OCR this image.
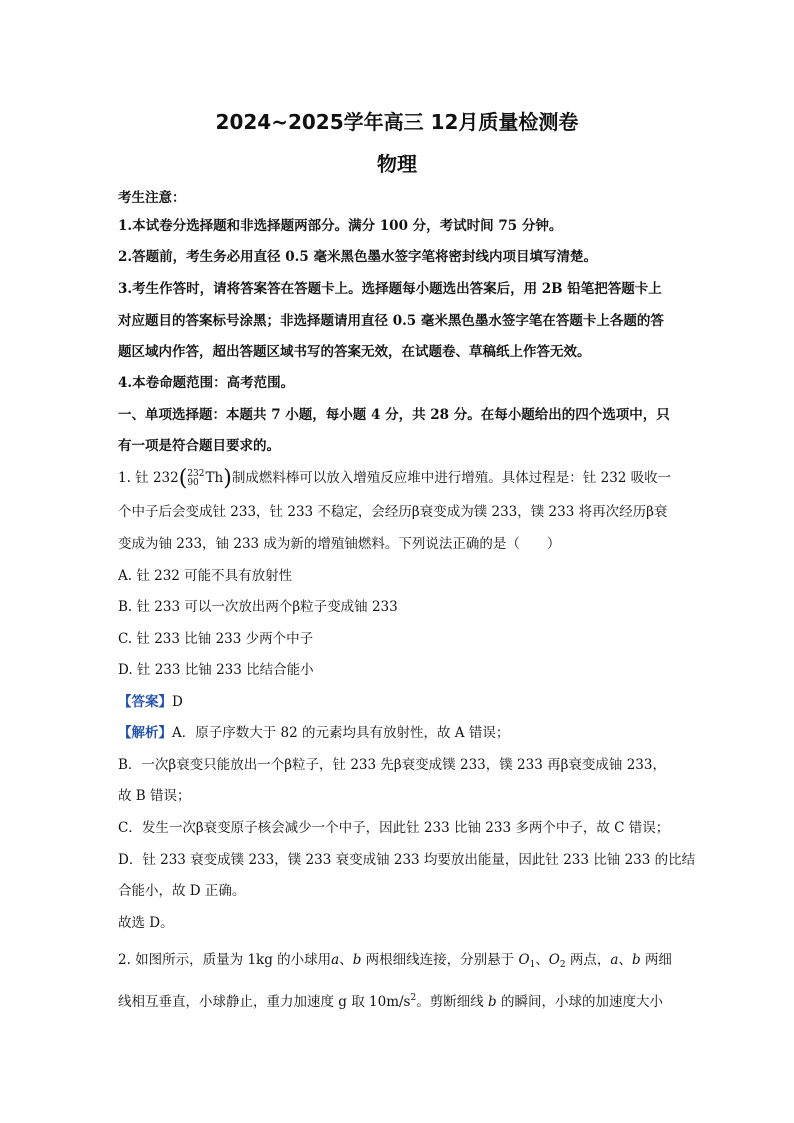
2024~2025学年高三 12月质量检测卷
物理
考生注意：
1.本试卷分选择题和非选择题两部分。满分 100 分，考试时间 75 分钟。
2.答题前，考生务必用直径 0.5 毫米黑色墨水签字笔将密封线内项目填写清楚。
3.考生作答时，请将答案答在答题卡上。选择题每小题选出答案后，用 2B 铅笔把答题卡上
对应题目的答案标号涂黑；非选择题请用直径 0.5 毫米黑色墨水签字笔在答题卡上各题的答
题区域内作答，超出答题区域书写的答案无效，在试题卷、草稿纸上作答无效。
4.本卷命题范围：高考范围。
一、单项选择题：本题共 7 小题，每小题 4 分，共 28 分。在每小题给出的四个选项中，只
有一项是符合题目要求的。
1. 钍 232( 232
90 Th)制成燃料棒可以放入增殖反应堆中进行增殖。具体过程是：钍 232 吸收一
个中子后会变成钍 233，钍 233 不稳定，会经历β衰变成为镤 233，镤 233 将再次经历β衰
变成为铀 233，铀 233 成为新的增殖铀燃料。下列说法正确的是（　　）
A. 钍 232 可能不具有放射性
B. 钍 233 可以一次放出两个β粒子变成铀 233
C. 钍 233 比铀 233 少两个中子
D. 钍 233 比铀 233 比结合能小
【答案】D
【解析】A．原子序数大于 82 的元素均具有放射性，故 A 错误；
B．一次β衰变只能放出一个β粒子，钍 233 先β衰变成镤 233，镤 233 再β衰变成铀 233，
故 B 错误；
C．发生一次β衰变原子核会减少一个中子，因此钍 233 比铀 233 多两个中子，故 C 错误；
D．钍 233 衰变成镤 233，镤 233 衰变成铀 233 均要放出能量，因此钍 233 比铀 233 的比结
合能小，故 D 正确。
故选 D。
2. 如图所示，质量为 1kg 的小球用a、b 两根细线连接，分别悬于 $O_1$、$O_2$ 两点，a、b 两细
线相互垂直，小球静止，重力加速度 g 取 $10m/s^2$。剪断细线 b 的瞬间，小球的加速度大小
